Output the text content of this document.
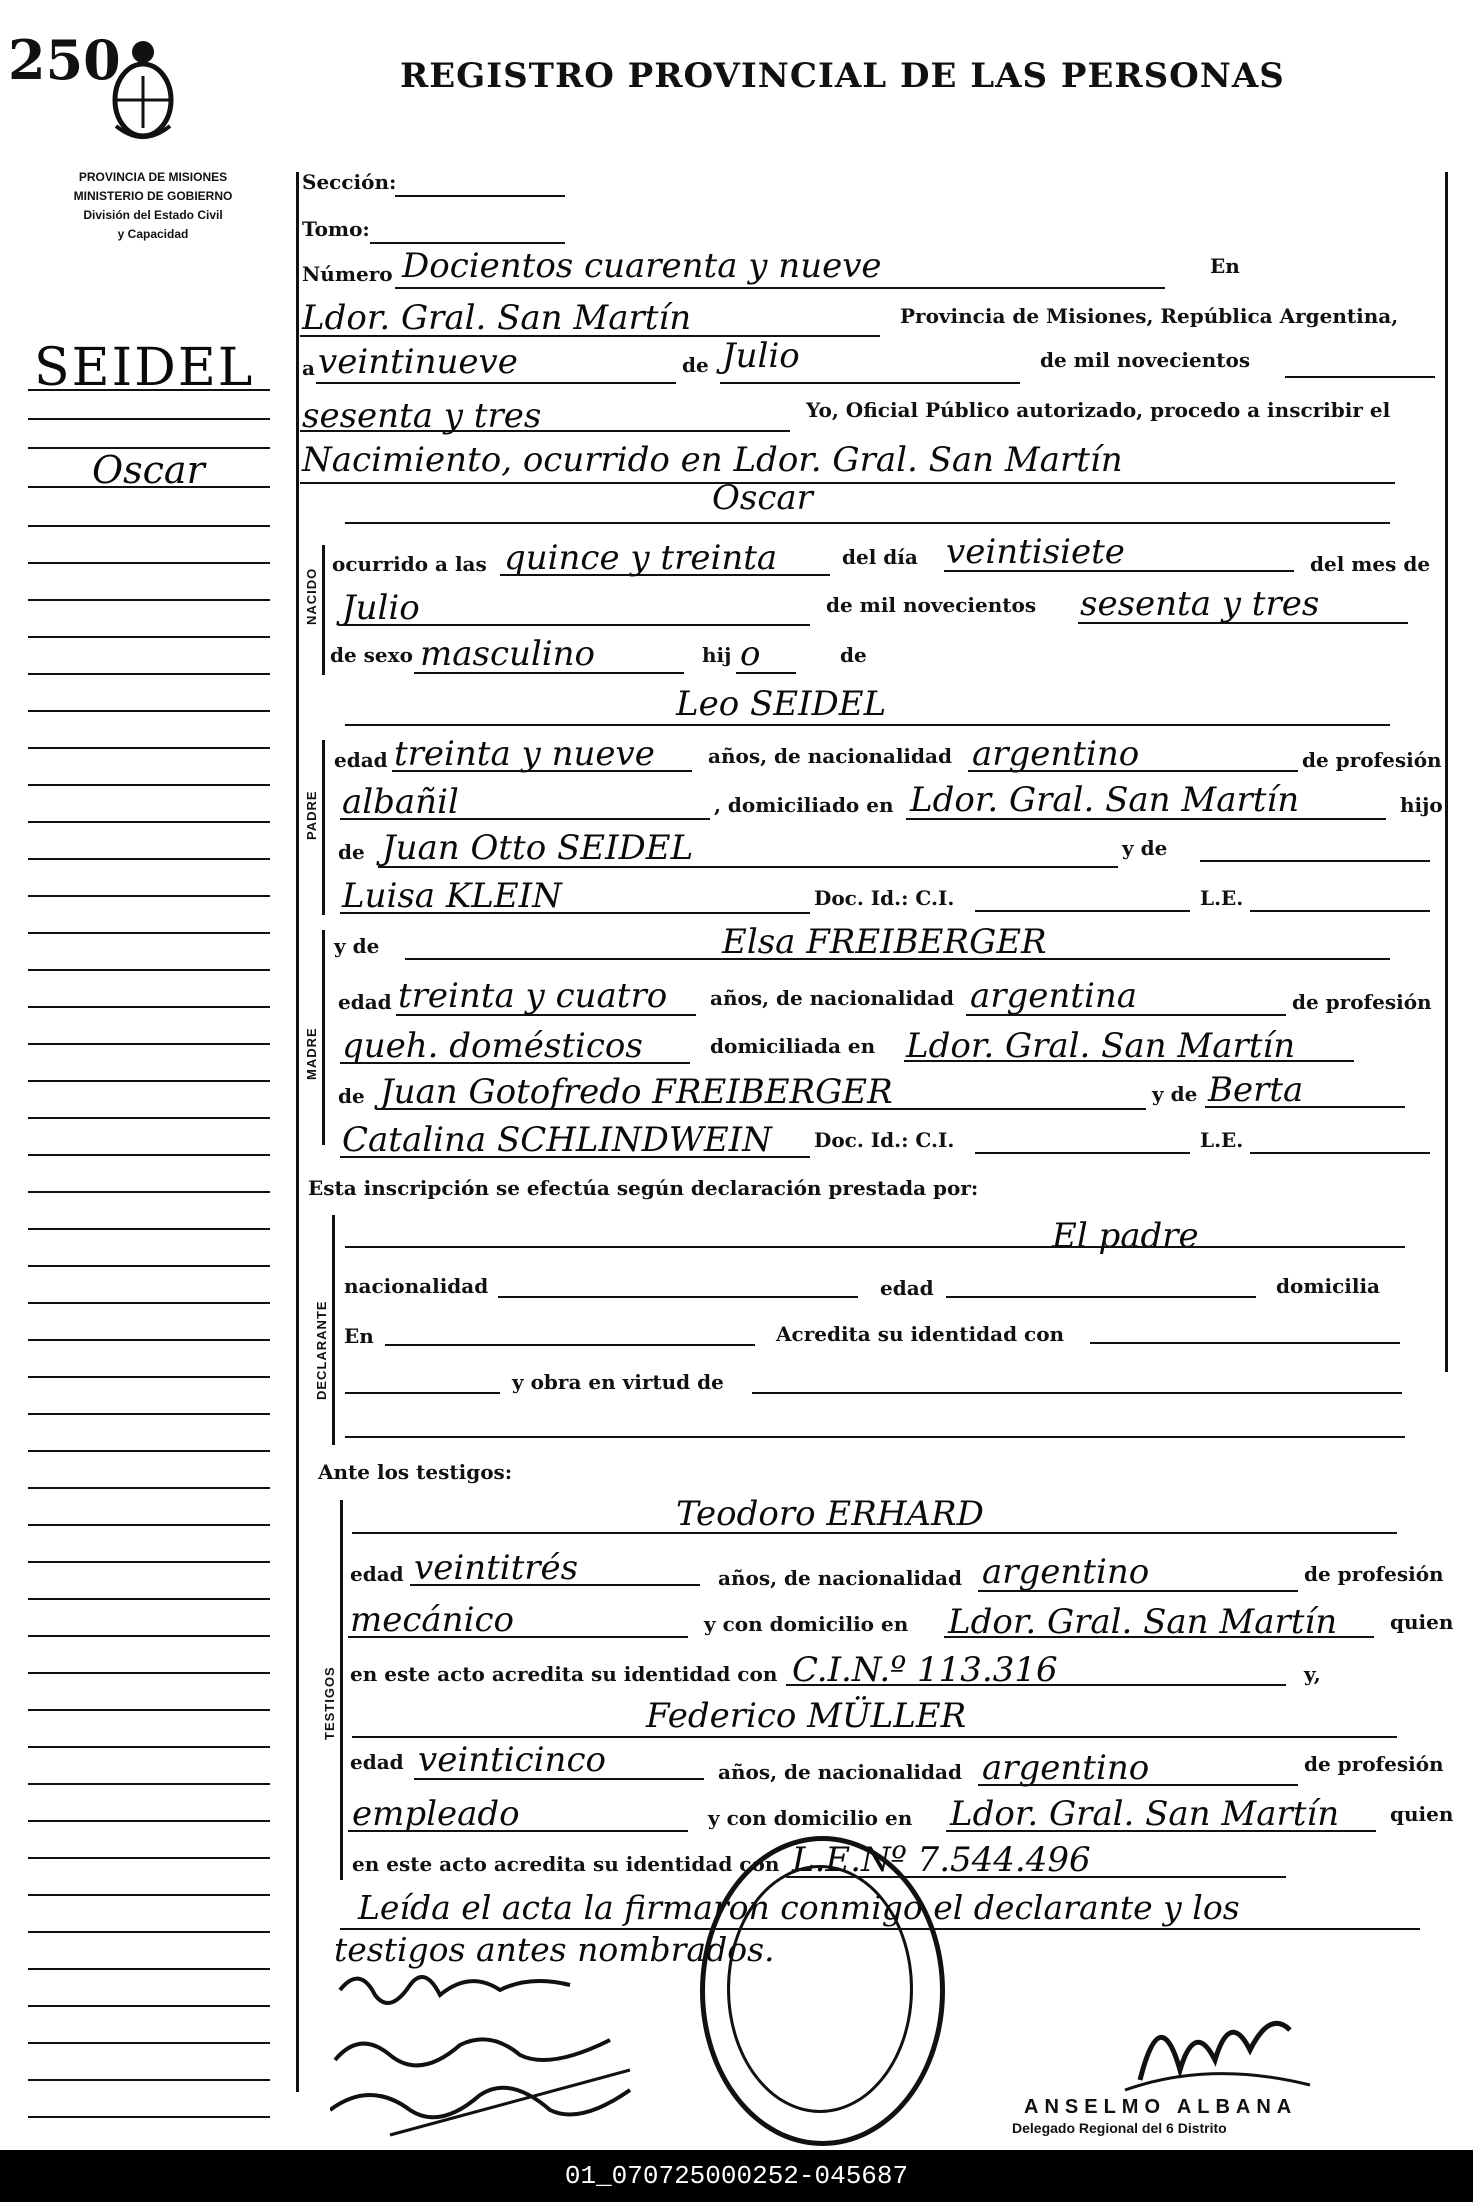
250	REGISTRO PROVINCIAL DE LAS PERSONAS
PROVINCIA DE MISIONES
MINISTERIO DE GOBIERNO
División del Estado Civil
y Capacidad
SEIDEL
Oscar
Sección:
Tomo:
Número Docientos cuarenta y nueve	En
Ldor. Gral. San Martín	Provincia de Misiones, República Argentina,
a veintinueve	de Julio	de mil novecientos
sesenta y tres	Yo, Oficial Público autorizado, procedo a inscribir el
Nacimiento, ocurrido en Ldor. Gral. San Martín
NACIDO
Oscar
ocurrido a las quince y treinta	del día veintisiete	del mes de
Julio	de mil novecientos sesenta y tres
de sexo masculino	hij o	de
PADRE
Leo SEIDEL
edad treinta y nueve	años, de nacionalidad argentino	de profesión
albañil	, domiciliado en Ldor. Gral. San Martín	hijo
de Juan Otto SEIDEL	y de
Luisa KLEIN	Doc. Id.: C.I.	L.E.
MADRE
y de	Elsa FREIBERGER
edad treinta y cuatro años, de nacionalidad argentina	de profesión
queh. domésticos	domiciliada en Ldor. Gral. San Martín
de Juan Gotofredo FREIBERGER	y de Berta
Catalina SCHLINDWEIN Doc. Id.: C.I.	L.E.
Esta inscripción se efectúa según declaración prestada por:
DECLARANTE
El padre
nacionalidad	edad	domicilia
En	Acredita su identidad con
y obra en virtud de
Ante los testigos:
TESTIGOS
Teodoro ERHARD
edad veintitrés	años, de nacionalidad argentino	de profesión
mecánico	y con domicilio en Ldor. Gral. San Martín	quien
en este acto acredita su identidad con C.I.N.º 113.316	y,
Federico MÜLLER
edad veinticinco	años, de nacionalidad argentino	de profesión
empleado	y con domicilio en Ldor. Gral. San Martín	quien
en este acto acredita su identidad con L.E.Nº 7.544.496
Leída el acta la firmaron conmigo el declarante y los
testigos antes nombrados.
ANSELMO ALBANA
Delegado Regional del 6 Distrito
01_070725000252-045687
